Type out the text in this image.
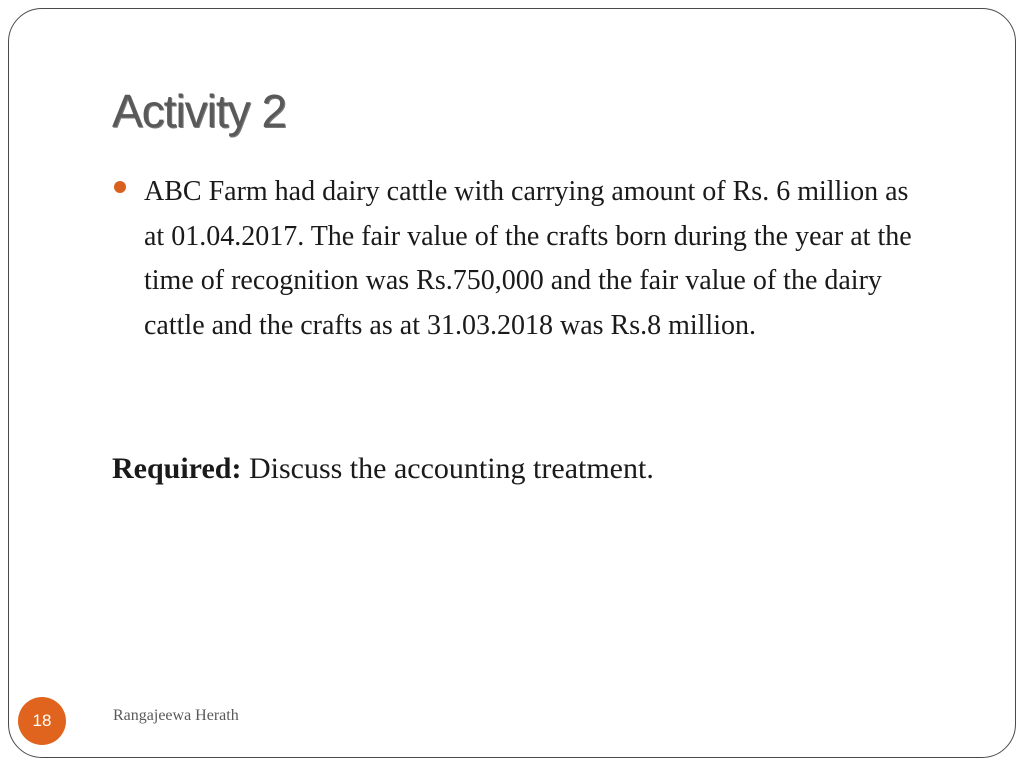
Activity 2
ABC Farm had dairy cattle with carrying amount of Rs. 6 million as at 01.04.2017. The fair value of the crafts born during the year at the time of recognition was Rs.750,000 and the fair value of the dairy cattle and the crafts as at 31.03.2018 was Rs.8 million.

Required: Discuss the accounting treatment.

18	Rangajeewa Herath
